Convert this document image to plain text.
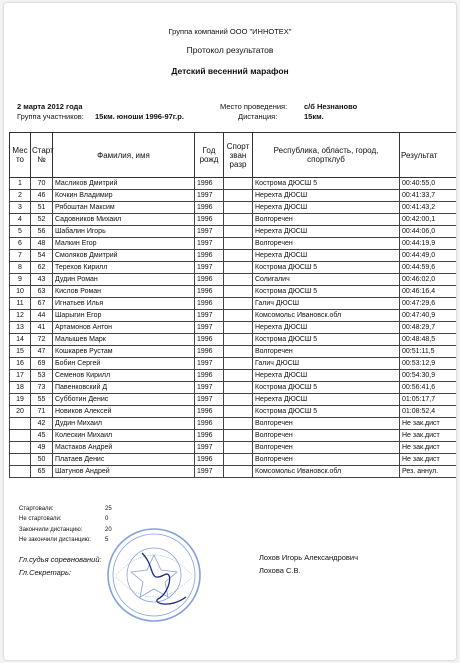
Группа компаний ООО "ИННОТЕХ"
Протокол результатов
Детский весенний марафон
2 марта 2012 года
Группа участников: 15км. юноши 1996-97г.р.
Место проведения: с/б Незнаново
Дистанция:	15км.
Мес то	Старт №	Фамилия, имя	Год рожд	Спорт зван разр	Республика, область, город, спортклуб	Результат
1	70	Масликов Дмитрий	1996		Кострома ДЮСШ 5	00:40:55,0
2	46	Кочкин Владимир	1997		Нерехта ДЮСШ	00:41:33,7
3	51	Рябоштан Максим	1996		Нерехта ДЮСШ	00:41:43,2
4	52	Садовников Михаил	1996		Волгоречен	00:42:00,1
5	56	Шабалин Игорь	1997		Нерехта ДЮСШ	00:44:06,0
6	48	Малкин Егор	1997		Волгоречен	00:44:19,9
7	54	Смоляков Дмитрий	1996		Нерехта ДЮСШ	00:44:49,0
8	62	Терехов Кирилл	1997		Кострома ДЮСШ 5	00:44:59,6
9	43	Дудин Роман	1996		Солигалич	00:46:02,0
10	63	Кислов Роман	1996		Кострома ДЮСШ 5	00:46:16,4
11	67	Игнатьев Илья	1996		Галич ДЮСШ	00:47:29,6
12	44	Шарыгин Егор	1997		Комсомольс Ивановск.обл	00:47:40,9
13	41	Артамонов Антон	1997		Нерехта ДЮСШ	00:48:29,7
14	72	Малышев Марк	1996		Кострома ДЮСШ 5	00:48:48,5
15	47	Кошкарев Рустам	1996		Волгоречен	00:51:11,5
16	69	Бобин Сергей	1997		Галич ДЮСШ	00:53:12,9
17	53	Семенов Кирилл	1996		Нерехта ДЮСШ	00:54:30,9
18	73	Павенковский Д	1997		Кострома ДЮСШ 5	00:56:41,6
19	55	Субботин Денис	1997		Нерехта ДЮСШ	01:05:17,7
20	71	Новиков Алексей	1996		Кострома ДЮСШ 5	01:08:52,4
	42	Дудин Михаил	1996		Волгоречен	Не зак.дист
	45	Колескин Михаил	1996		Волгоречен	Не зак.дист
	49	Мастаков Андрей	1997		Волгоречен	Не зак.дист
	50	Платаев Денис	1996		Волгоречен	Не зак.дист
	65	Шатунов Андрей	1997		Комсомольс Ивановск.обл	Рез. аннул.
Стартовали:	25
Не стартовали:	0
Закончили дистанцию:	20
Не закончили дистанцию: 5
Гл.судья соревнований:
Гл.Секретарь:
Лохов Игорь Александрович
Лохова С.В.
